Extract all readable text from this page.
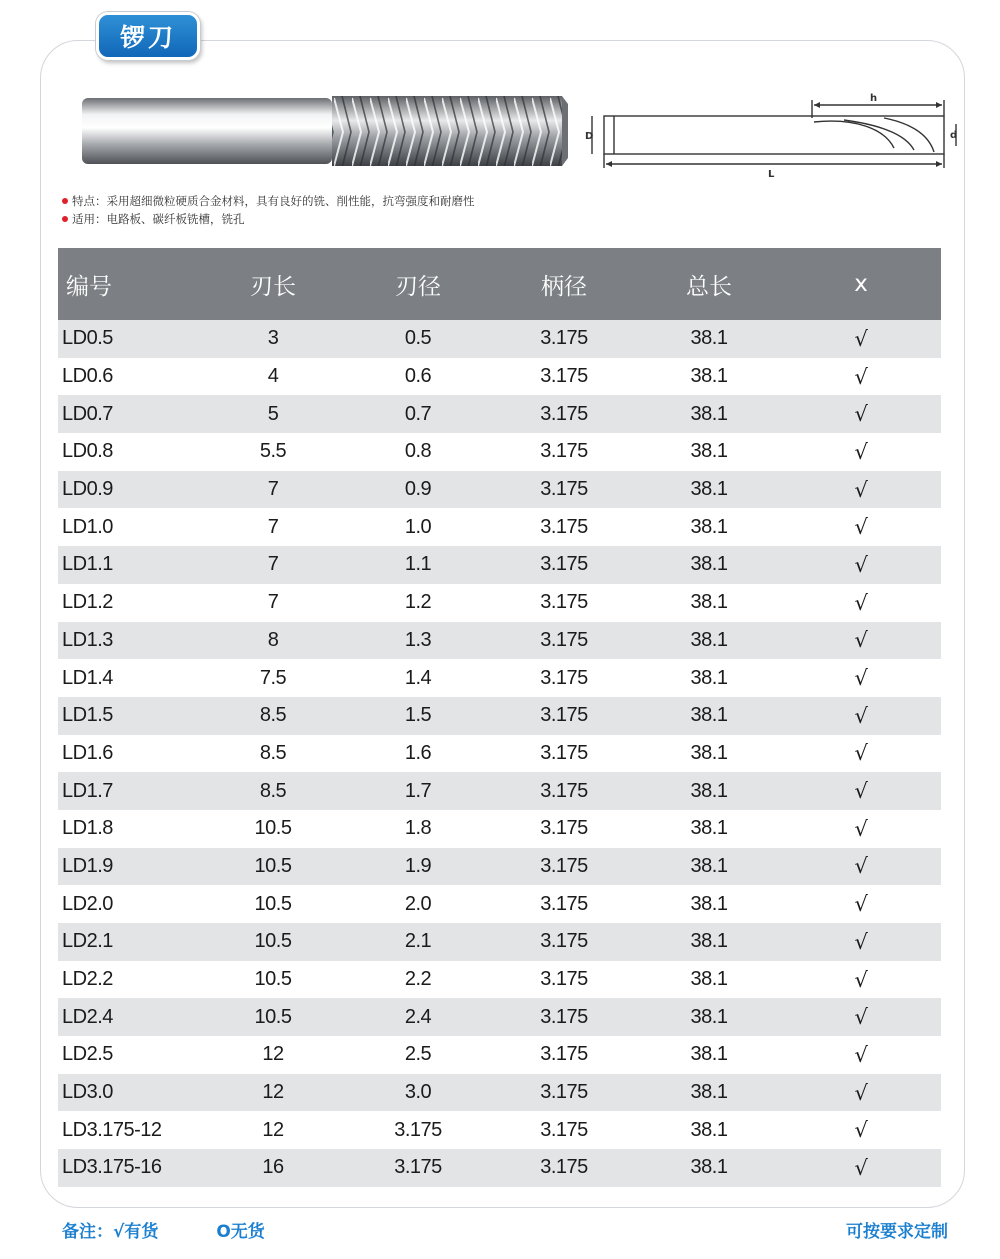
锣刀
h
D	d
L
特点：采用超细微粒硬质合金材料，具有良好的铣、削性能，抗弯强度和耐磨性
适用：电路板、碳纤板铣槽，铣孔
编号	刃长	刃径	柄径	总长	x
LD0.5	3	0.5	3.175	38.1	√
LD0.6	4	0.6	3.175	38.1	√
LD0.7	5	0.7	3.175	38.1	√
LD0.8	5.5	0.8	3.175	38.1	√
LD0.9	7	0.9	3.175	38.1	√
LD1.0	7	1.0	3.175	38.1	√
LD1.1	7	1.1	3.175	38.1	√
LD1.2	7	1.2	3.175	38.1	√
LD1.3	8	1.3	3.175	38.1	√
LD1.4	7.5	1.4	3.175	38.1	√
LD1.5	8.5	1.5	3.175	38.1	√
LD1.6	8.5	1.6	3.175	38.1	√
LD1.7	8.5	1.7	3.175	38.1	√
LD1.8	10.5	1.8	3.175	38.1	√
LD1.9	10.5	1.9	3.175	38.1	√
LD2.0	10.5	2.0	3.175	38.1	√
LD2.1	10.5	2.1	3.175	38.1	√
LD2.2	10.5	2.2	3.175	38.1	√
LD2.4	10.5	2.4	3.175	38.1	√
LD2.5	12	2.5	3.175	38.1	√
LD3.0	12	3.0	3.175	38.1	√
LD3.175-12	12	3.175	3.175	38.1	√
LD3.175-16	16	3.175	3.175	38.1	√
备注： √有货	O无货	可按要求定制
